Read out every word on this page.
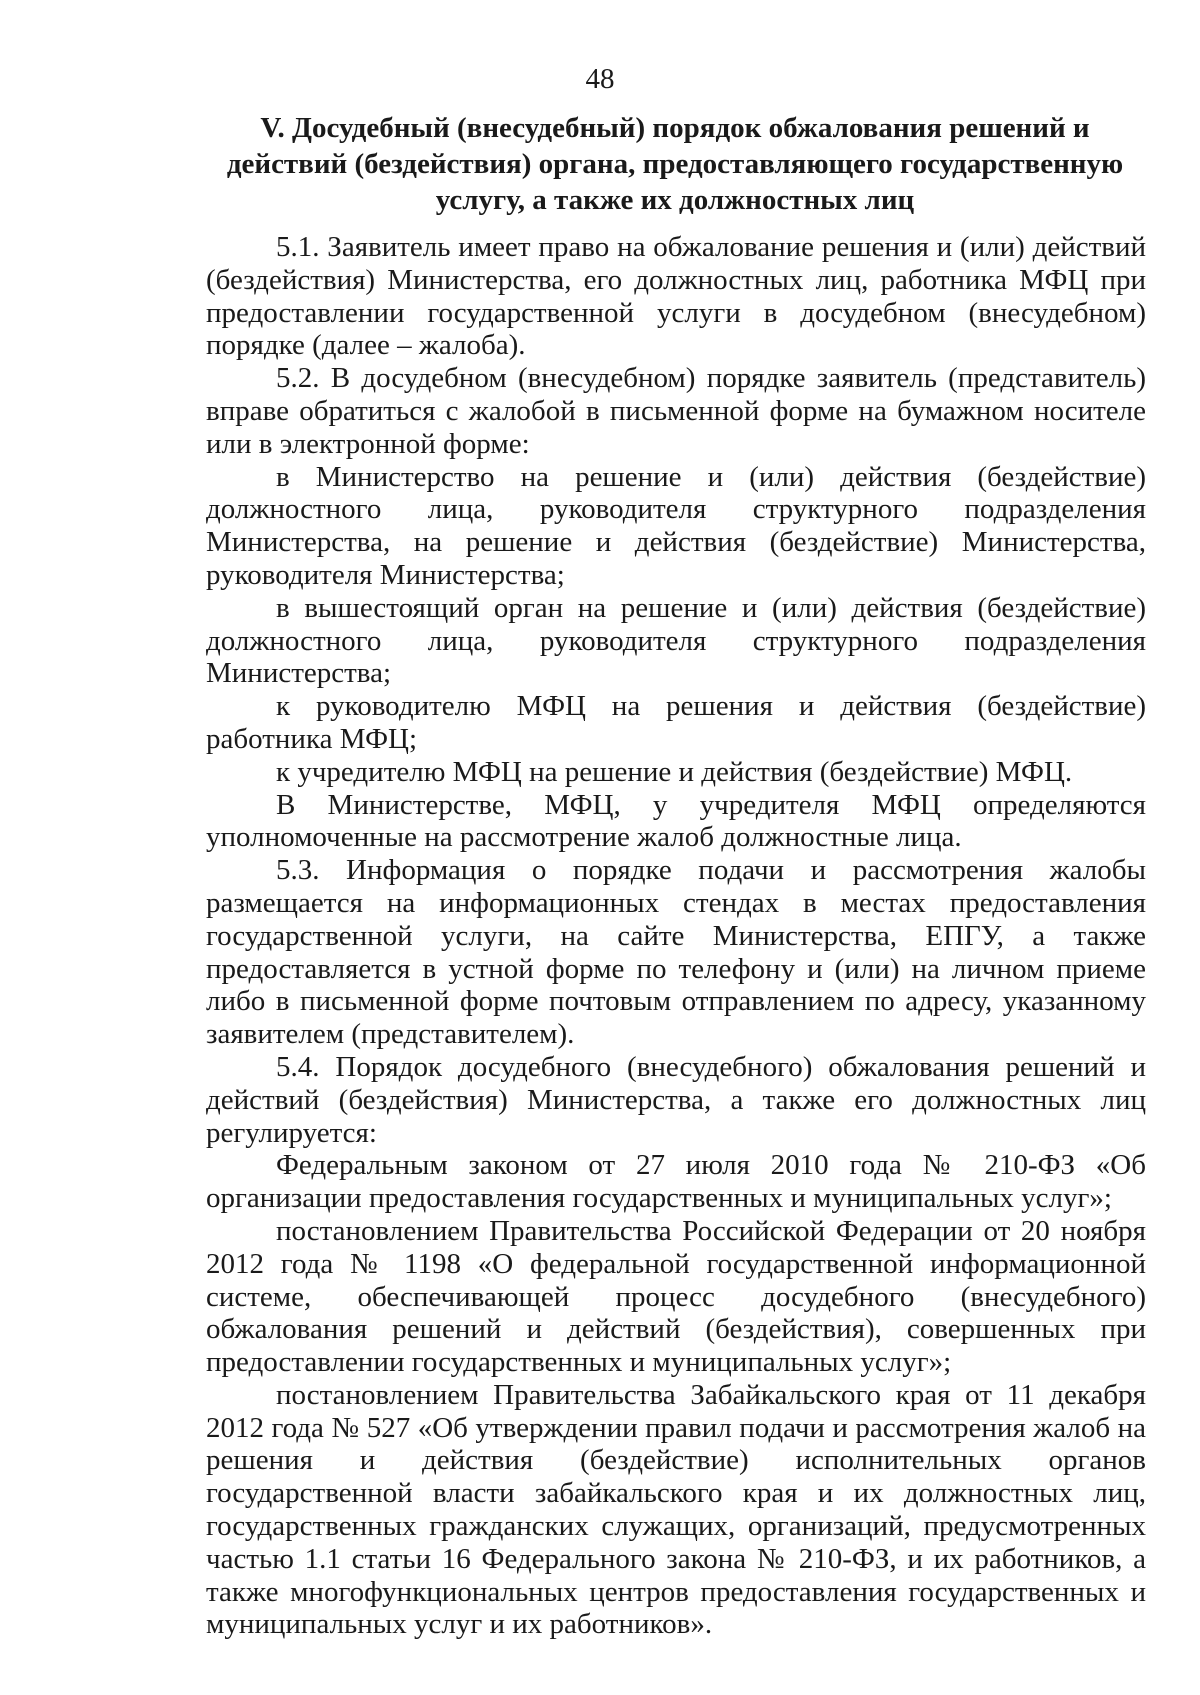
48
V. Досудебный (внесудебный) порядок обжалования решений и действий (бездействия) органа, предоставляющего государственную услугу, а также их должностных лиц

5.1. Заявитель имеет право на обжалование решения и (или) действий (бездействия) Министерства, его должностных лиц, работника МФЦ при предоставлении государственной услуги в досудебном (внесудебном) порядке (далее – жалоба).

5.2. В досудебном (внесудебном) порядке заявитель (представитель) вправе обратиться с жалобой в письменной форме на бумажном носителе или в электронной форме:

в Министерство на решение и (или) действия (бездействие) должностного лица, руководителя структурного подразделения Министерства, на решение и действия (бездействие) Министерства, руководителя Министерства;

в вышестоящий орган на решение и (или) действия (бездействие) должностного лица, руководителя структурного подразделения Министерства;

к руководителю МФЦ на решения и действия (бездействие) работника МФЦ;

к учредителю МФЦ на решение и действия (бездействие) МФЦ.

В Министерстве, МФЦ, у учредителя МФЦ определяются уполномоченные на рассмотрение жалоб должностные лица.

5.3. Информация о порядке подачи и рассмотрения жалобы размещается на информационных стендах в местах предоставления государственной услуги, на сайте Министерства, ЕПГУ, а также предоставляется в устной форме по телефону и (или) на личном приеме либо в письменной форме почтовым отправлением по адресу, указанному заявителем (представителем).

5.4. Порядок досудебного (внесудебного) обжалования решений и действий (бездействия) Министерства, а также его должностных лиц регулируется:

Федеральным законом от 27 июля 2010 года № 210-ФЗ «Об организации предоставления государственных и муниципальных услуг»;

постановлением Правительства Российской Федерации от 20 ноября 2012 года № 1198 «О федеральной государственной информационной системе, обеспечивающей процесс досудебного (внесудебного) обжалования решений и действий (бездействия), совершенных при предоставлении государственных и муниципальных услуг»;

постановлением Правительства Забайкальского края от 11 декабря 2012 года № 527 «Об утверждении правил подачи и рассмотрения жалоб на решения и действия (бездействие) исполнительных органов государственной власти забайкальского края и их должностных лиц, государственных гражданских служащих, организаций, предусмотренных частью 1.1 статьи 16 Федерального закона № 210-ФЗ, и их работников, а также многофункциональных центров предоставления государственных и муниципальных услуг и их работников».
